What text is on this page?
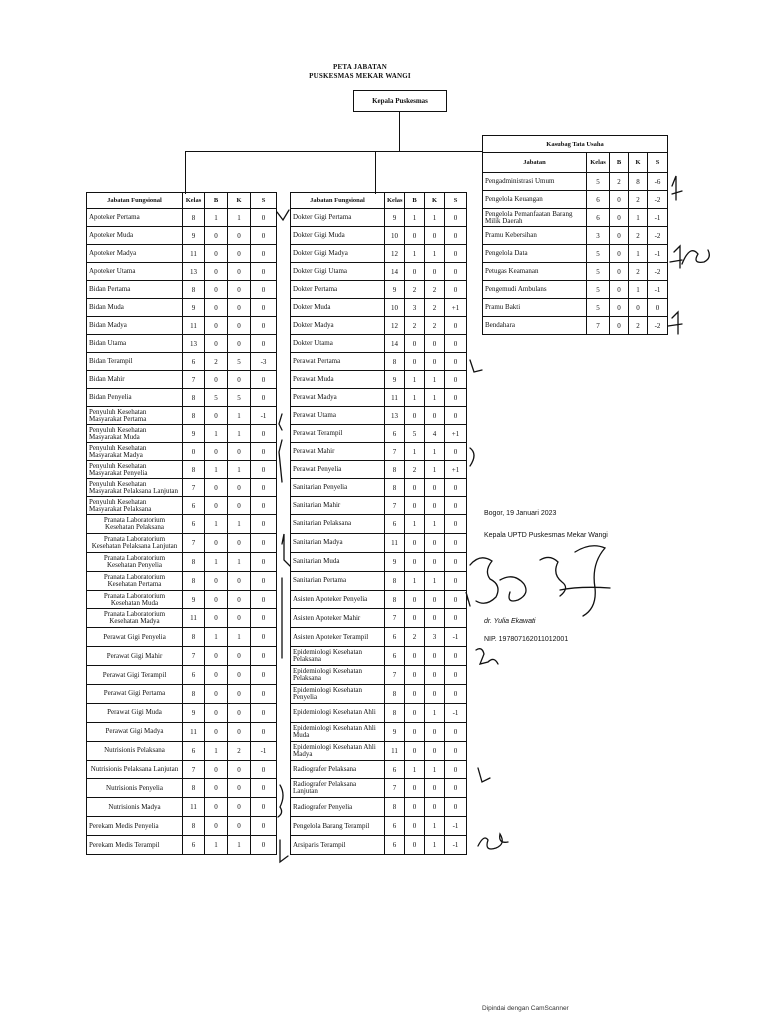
PETA JABATAN
PUSKESMAS MEKAR WANGI
Kepala Puskesmas
Kasubag Tata Usaha				
Jabatan	Kelas	B	K	S
Pengadministrasi Umum	5	2	8	-6
Pengelola Keuangan	6	0	2	-2
Pengelola Pemanfaatan Barang Milik Daerah	6	0	1	-1
Pramu Kebersihan	3	0	2	-2
Pengelola Data	5	0	1	-1
Petugas Keamanan	5	0	2	-2
Pengemudi Ambulans	5	0	1	-1
Pramu Bakti	5	0	0	0
Bendahara	7	0	2	-2
Jabatan Fungsional	Kelas	B	K	S
Apoteker Pertama	8	1	1	0
Apoteker Muda	9	0	0	0
Apoteker Madya	11	0	0	0
Apoteker Utama	13	0	0	0
Bidan Pertama	8	0	0	0
Bidan Muda	9	0	0	0
Bidan Madya	11	0	0	0
Bidan Utama	13	0	0	0
Bidan Terampil	6	2	5	-3
Bidan Mahir	7	0	0	0
Bidan Penyelia	8	5	5	0
Penyuluh Kesehatan Masyarakat Pertama	8	0	1	-1
Penyuluh Kesehatan Masyarakat Muda	9	1	1	0
Penyuluh Kesehatan Masyarakat Madya	0	0	0	0
Penyuluh Kesehatan Masyarakat Penyelia	8	1	1	0
Penyuluh Kesehatan Masyarakat Pelaksana Lanjutan	7	0	0	0
Penyuluh Kesehatan Masyarakat Pelaksana	6	0	0	0
Pranata Laboratorium Kesehatan Pelaksana	6	1	1	0
Pranata Laboratorium Kesehatan Pelaksana Lanjutan	7	0	0	0
Pranata Laboratorium Kesehatan Penyelia	8	1	1	0
Pranata Laboratorium Kesehatan Pertama	8	0	0	0
Pranata Laboratorium Kesehatan Muda	9	0	0	0
Pranata Laboratorium Kesehatan Madya	11	0	0	0
Perawat Gigi Penyelia	8	1	1	0
Perawat Gigi Mahir	7	0	0	0
Perawat Gigi Terampil	6	0	0	0
Perawat Gigi Pertama	8	0	0	0
Perawat Gigi Muda	9	0	0	0
Perawat Gigi Madya	11	0	0	0
Nutrisionis Pelaksana	6	1	2	-1
Nutrisionis Pelaksana Lanjutan	7	0	0	0
Nutrisionis Penyelia	8	0	0	0
Nutrisionis Madya	11	0	0	0
Perekam Medis Penyelia	8	0	0	0
Perekam Medis Terampil	6	1	1	0
Jabatan Fungsional	Kelas	B	K	S
Dokter Gigi Pertama	9	1	1	0
Dokter Gigi Muda	10	0	0	0
Dokter Gigi Madya	12	1	1	0
Dokter Gigi Utama	14	0	0	0
Dokter Pertama	9	2	2	0
Dokter Muda	10	3	2	+1
Dokter Madya	12	2	2	0
Dokter Utama	14	0	0	0
Perawat Pertama	8	0	0	0
Perawat Muda	9	1	1	0
Perawat Madya	11	1	1	0
Perawat Utama	13	0	0	0
Perawat Terampil	6	5	4	+1
Perawat Mahir	7	1	1	0
Perawat Penyelia	8	2	1	+1
Sanitarian Penyelia	8	0	0	0
Sanitarian Mahir	7	0	0	0
Sanitarian Pelaksana	6	1	1	0
Sanitarian Madya	11	0	0	0
Sanitarian Muda	9	0	0	0
Sanitarian Pertama	8	1	1	0
Asisten Apoteker Penyelia	8	0	0	0
Asisten Apoteker Mahir	7	0	0	0
Asisten Apoteker Terampil	6	2	3	-1
Epidemiologi Kesehatan Pelaksana	6	0	0	0
Epidemiologi Kesehatan Pelaksana	7	0	0	0
Epidemiologi Kesehatan Penyelia	8	0	0	0
Epidemiologi Kesehatan Ahli	8	0	1	-1
Epidemiologi Kesehatan Ahli Muda	9	0	0	0
Epidemiologi Kesehatan Ahli Madya	11	0	0	0
Radiografer Pelaksana	6	1	1	0
Radiografer Pelaksana Lanjutan	7	0	0	0
Radiografer Penyelia	8	0	0	0
Pengelola Barang Terampil	6	0	1	-1
Arsiparis Terampil	6	0	1	-1
Bogor, 19 Januari 2023
Kepala UPTD Puskesmas Mekar Wangi
dr. Yulia Ekawati
NIP. 197807162011012001
Dipindai dengan CamScanner
